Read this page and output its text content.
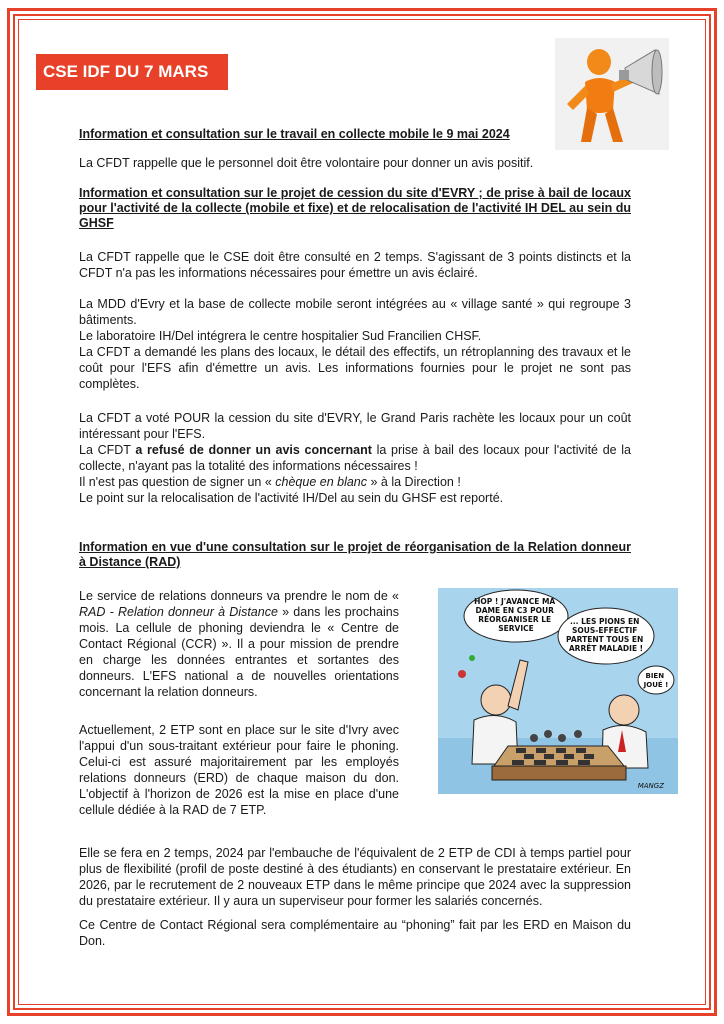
CSE IDF DU 7 MARS
Information et consultation sur le travail en collecte mobile le 9 mai 2024

La CFDT rappelle que le personnel doit être volontaire pour donner un avis positif.

Information et consultation sur le projet de cession du site d'EVRY ; de prise à bail de locaux pour l'activité de la collecte (mobile et fixe) et de relocalisation de l'activité IH DEL au sein du GHSF

La CFDT rappelle que le CSE doit être consulté en 2 temps. S'agissant de 3 points distincts et la CFDT n'a pas les informations nécessaires pour émettre un avis éclairé.

La MDD d'Evry et la base de collecte mobile seront intégrées au « village santé » qui regroupe 3 bâtiments.
Le laboratoire IH/Del intégrera le centre hospitalier Sud Francilien CHSF.
La CFDT a demandé les plans des locaux, le détail des effectifs, un rétroplanning des travaux et le coût pour l'EFS afin d'émettre un avis. Les informations fournies pour le projet ne sont pas complètes.
La CFDT a voté POUR la cession du site d'EVRY, le Grand Paris rachète les locaux pour un coût intéressant pour l'EFS.
La CFDT a refusé de donner un avis concernant la prise à bail des locaux pour l'activité de la collecte, n'ayant pas la totalité des informations nécessaires !
Il n'est pas question de signer un « chèque en blanc » à la Direction !
Le point sur la relocalisation de l'activité IH/Del au sein du GHSF est reporté.
Information en vue d'une consultation sur le projet de réorganisation de la Relation donneur à Distance (RAD)

Le service de relations donneurs va prendre le nom de « RAD - Relation donneur à Distance » dans les prochains mois. La cellule de phoning deviendra le « Centre de Contact Régional (CCR) ». Il a pour mission de prendre en charge les données entrantes et sortantes des donneurs. L'EFS national a de nouvelles orientations concernant la relation donneurs.

Actuellement, 2 ETP sont en place sur le site d'Ivry avec l'appui d'un sous-traitant extérieur pour faire le phoning. Celui-ci est assuré majoritairement par les employés relations donneurs (ERD) de chaque maison du don. L'objectif à l'horizon de 2026 est la mise en place d'une cellule dédiée à la RAD de 7 ETP.

Elle se fera en 2 temps, 2024 par l'embauche de l'équivalent de 2 ETP de CDI à temps partiel pour plus de flexibilité (profil de poste destiné à des étudiants) en conservant le prestataire extérieur. En 2026, par le recrutement de 2 nouveaux ETP dans le même principe que 2024 avec la suppression du prestataire extérieur. Il y aura un superviseur pour former les salariés concernés.

Ce Centre de Contact Régional sera complémentaire au “phoning” fait par les ERD en Maison du Don.

HOP ! J'AVANCE MA DAME EN C3 POUR RÉORGANISER LE SERVICE
... LES PIONS EN SOUS-EFFECTIF PARTENT TOUS EN ARRÊT MALADIE !
BIEN JOUÉ !
MANGZ
